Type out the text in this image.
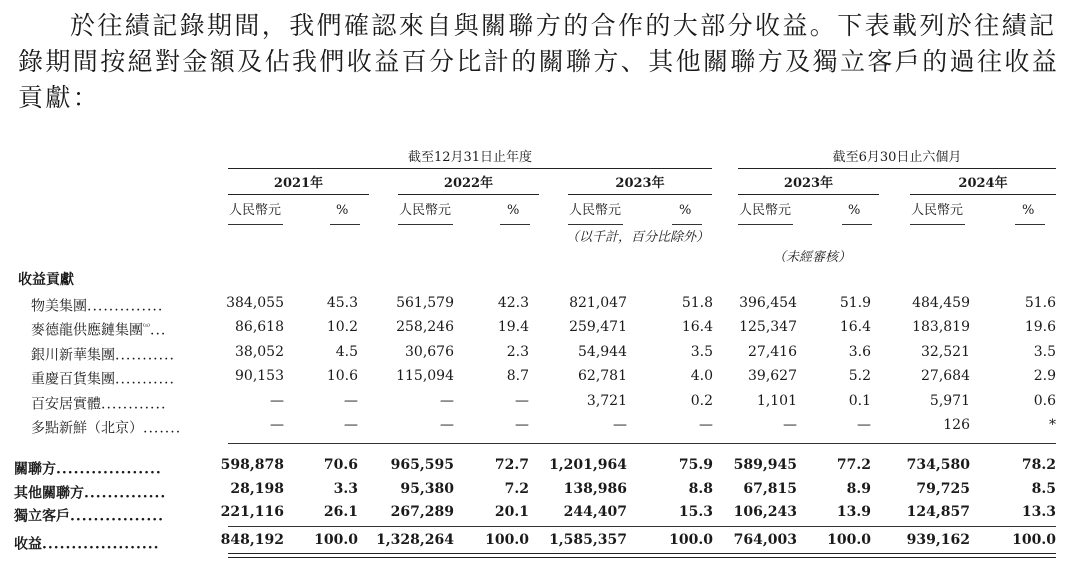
於往績記錄期間，我們確認來自與關聯方的合作的大部分收益。下表載列於往績記錄期間按絕對金額及佔我們收益百分比計的關聯方、其他關聯方及獨立客戶的過往收益貢獻：
截至12月31日止年度	截至6月30日止六個月
2021年	2022年	2023年	2023年	2024年
人民幣元	%	人民幣元	%	人民幣元	%	人民幣元	%	人民幣元	%
（以千計，百分比除外）
（未經審核）
收益貢獻
物美集團..............	384,055	45.3	561,579	42.3	821,047	51.8	396,454	51.9	484,459	51.6
麥德龍供應鏈集團$^{^(ᵃ^)}$...	86,618	10.2	258,246	19.4	259,471	16.4	125,347	16.4	183,819	19.6
銀川新華集團...........	38,052	4.5	30,676	2.3	54,944	3.5	27,416	3.6	32,521	3.5
重慶百貨集團...........	90,153	10.6	115,094	8.7	62,781	4.0	39,627	5.2	27,684	2.9
百安居實體............	—	—	—	—	3,721	0.2	1,101	0.1	5,971	0.6
多點新鮮（北京）.......	—	—	—	—	—	—	—	—	126	*
關聯方..................	598,878	70.6	965,595	72.7	1,201,964	75.9	589,945	77.2	734,580	78.2
其他關聯方..............	28,198	3.3	95,380	7.2	138,986	8.8	67,815	8.9	79,725	8.5
獨立客戶................	221,116	26.1	267,289	20.1	244,407	15.3	106,243	13.9	124,857	13.3
收益....................	848,192	100.0	1,328,264	100.0	1,585,357	100.0	764,003	100.0	939,162	100.0
